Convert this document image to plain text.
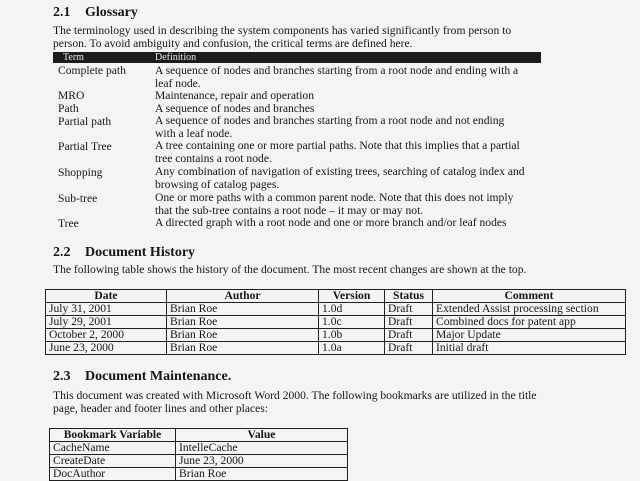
2.1 Glossary
The terminology used in describing the system components has varied significantly from person to
person. To avoid ambiguity and confusion, the critical terms are defined here.
Term	Definition
Complete path	A sequence of nodes and branches starting from a root node and ending with a
leaf node.
MRO	Maintenance, repair and operation
Path	A sequence of nodes and branches
Partial path	A sequence of nodes and branches starting from a root node and not ending
with a leaf node.
Partial Tree	A tree containing one or more partial paths. Note that this implies that a partial
tree contains a root node.
Shopping	Any combination of navigation of existing trees, searching of catalog index and
browsing of catalog pages.
Sub-tree	One or more paths with a common parent node. Note that this does not imply
that the sub-tree contains a root node – it may or may not.
Tree	A directed graph with a root node and one or more branch and/or leaf nodes
2.2 Document History
The following table shows the history of the document. The most recent changes are shown at the top.
Date	Author	Version	Status	Comment
July 31, 2001	Brian Roe	1.0d	Draft	Extended Assist processing section
July 29, 2001	Brian Roe	1.0c	Draft	Combined docs for patent app
October 2, 2000	Brian Roe	1.0b	Draft	Major Update
June 23, 2000	Brian Roe	1.0a	Draft	Initial draft
2.3 Document Maintenance.
This document was created with Microsoft Word 2000. The following bookmarks are utilized in the title
page, header and footer lines and other places:
Bookmark Variable	Value
CacheName	IntelleCache
CreateDate	June 23, 2000
DocAuthor	Brian Roe
